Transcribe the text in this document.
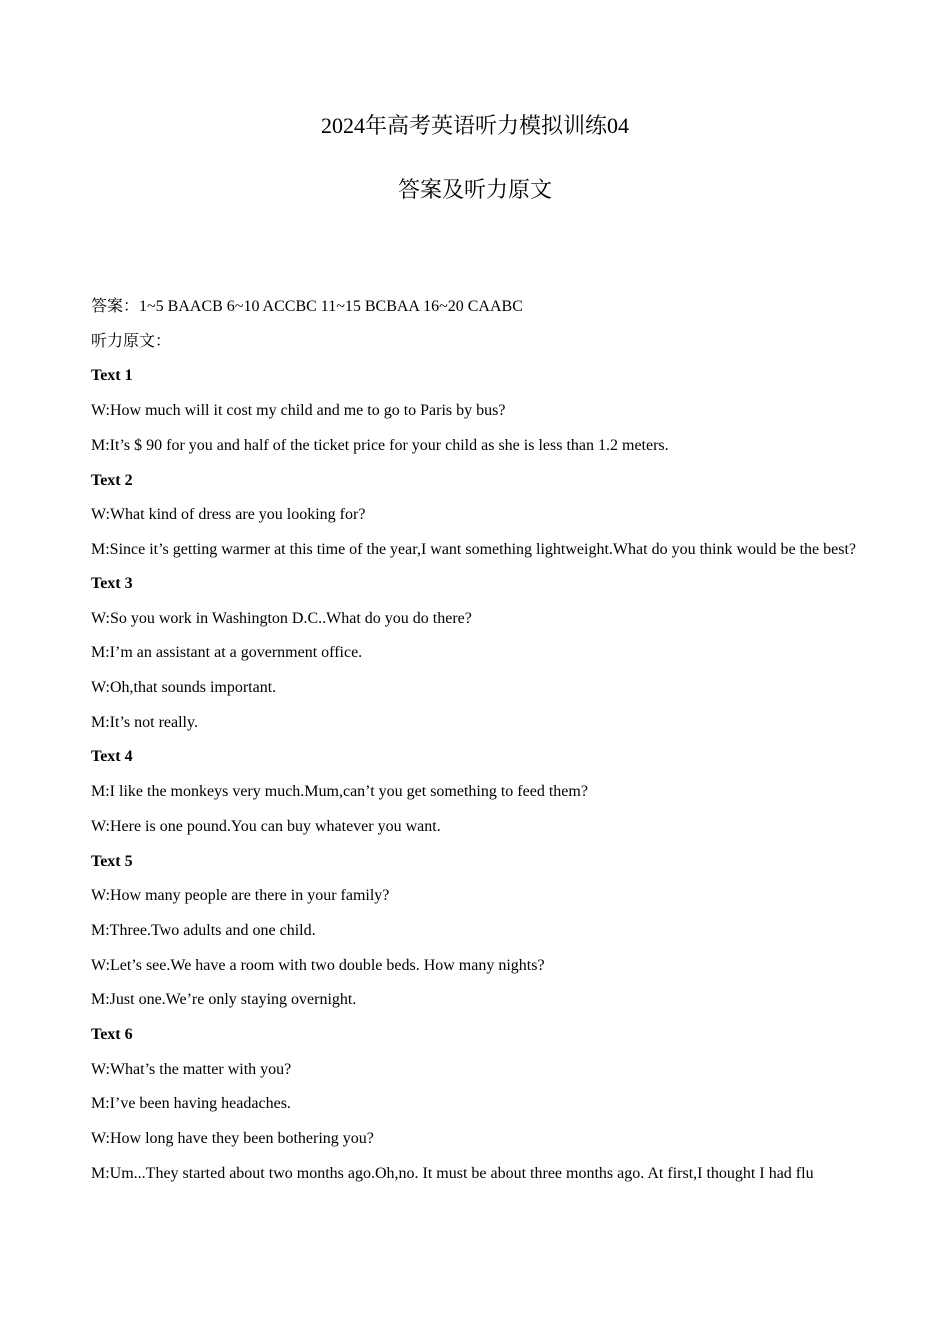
2024年高考英语听力模拟训练04
答案及听力原文
答案：1~5 BAACB 6~10 ACCBC 11~15 BCBAA 16~20 CAABC
听力原文：
Text 1
W:How much will it cost my child and me to go to Paris by bus?
M:It’s $ 90 for you and half of the ticket price for your child as she is less than 1.2 meters.
Text 2
W:What kind of dress are you looking for?
M:Since it’s getting warmer at this time of the year,I want something lightweight.What do you think would be the best?
Text 3
W:So you work in Washington D.C..What do you do there?
M:I’m an assistant at a government office.
W:Oh,that sounds important.
M:It’s not really.
Text 4
M:I like the monkeys very much.Mum,can’t you get something to feed them?
W:Here is one pound.You can buy whatever you want.
Text 5
W:How many people are there in your family?
M:Three.Two adults and one child.
W:Let’s see.We have a room with two double beds. How many nights?
M:Just one.We’re only staying overnight.
Text 6
W:What’s the matter with you?
M:I’ve been having headaches.
W:How long have they been bothering you?
M:Um...They started about two months ago.Oh,no. It must be about three months ago. At first,I thought I had flu
